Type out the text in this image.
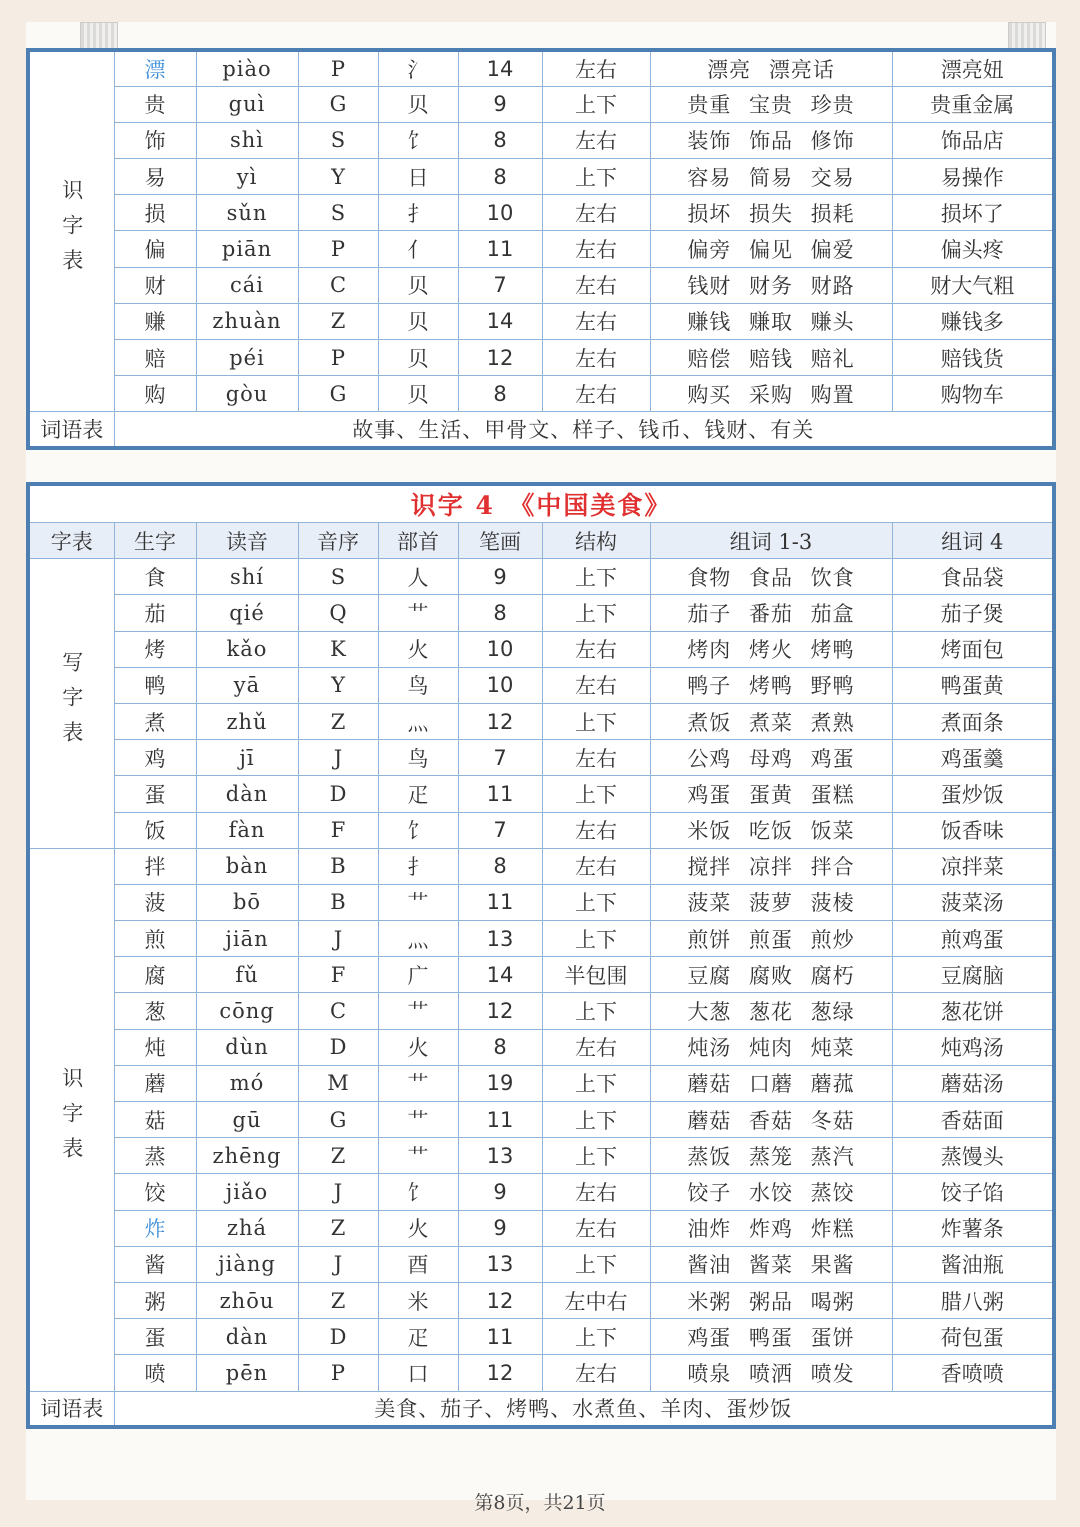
识字表	漂	piào	P	氵	14	左右	漂亮 漂亮话	漂亮妞
	贵	guì	G	贝	9	上下	贵重 宝贵 珍贵	贵重金属
	饰	shì	S	饣	8	左右	装饰 饰品 修饰	饰品店
	易	yì	Y	日	8	上下	容易 简易 交易	易操作
	损	sǔn	S	扌	10	左右	损坏 损失 损耗	损坏了
	偏	piān	P	亻	11	左右	偏旁 偏见 偏爱	偏头疼
	财	cái	C	贝	7	左右	钱财 财务 财路	财大气粗
	赚	zhuàn	Z	贝	14	左右	赚钱 赚取 赚头	赚钱多
	赔	péi	P	贝	12	左右	赔偿 赔钱 赔礼	赔钱货
	购	gòu	G	贝	8	左右	购买 采购 购置	购物车
词语表	故事、生活、甲骨文、样子、钱币、钱财、有关							
识字 4　《中国美食》								
字表	生字	读音	音序	部首	笔画	结构	组词 1-3	组词 4
写字表	食	shí	S	人	9	上下	食物 食品 饮食	食品袋
	茄	qié	Q	艹	8	上下	茄子 番茄 茄盒	茄子煲
	烤	kǎo	K	火	10	左右	烤肉 烤火 烤鸭	烤面包
	鸭	yā	Y	鸟	10	左右	鸭子 烤鸭 野鸭	鸭蛋黄
	煮	zhǔ	Z	灬	12	上下	煮饭 煮菜 煮熟	煮面条
	鸡	jī	J	鸟	7	左右	公鸡 母鸡 鸡蛋	鸡蛋羹
	蛋	dàn	D	疋	11	上下	鸡蛋 蛋黄 蛋糕	蛋炒饭
	饭	fàn	F	饣	7	左右	米饭 吃饭 饭菜	饭香味
识字表	拌	bàn	B	扌	8	左右	搅拌 凉拌 拌合	凉拌菜
	菠	bō	B	艹	11	上下	菠菜 菠萝 菠棱	菠菜汤
	煎	jiān	J	灬	13	上下	煎饼 煎蛋 煎炒	煎鸡蛋
	腐	fǔ	F	广	14	半包围	豆腐 腐败 腐朽	豆腐脑
	葱	cōng	C	艹	12	上下	大葱 葱花 葱绿	葱花饼
	炖	dùn	D	火	8	左右	炖汤 炖肉 炖菜	炖鸡汤
	蘑	mó	M	艹	19	上下	蘑菇 口蘑 蘑菰	蘑菇汤
	菇	gū	G	艹	11	上下	蘑菇 香菇 冬菇	香菇面
	蒸	zhēng	Z	艹	13	上下	蒸饭 蒸笼 蒸汽	蒸馒头
	饺	jiǎo	J	饣	9	左右	饺子 水饺 蒸饺	饺子馅
	炸	zhá	Z	火	9	左右	油炸 炸鸡 炸糕	炸薯条
	酱	jiàng	J	酉	13	上下	酱油 酱菜 果酱	酱油瓶
	粥	zhōu	Z	米	12	左中右	米粥 粥品 喝粥	腊八粥
	蛋	dàn	D	疋	11	上下	鸡蛋 鸭蛋 蛋饼	荷包蛋
	喷	pēn	P	口	12	左右	喷泉 喷洒 喷发	香喷喷
词语表	美食、茄子、烤鸭、水煮鱼、羊肉、蛋炒饭							
第8页，共21页
